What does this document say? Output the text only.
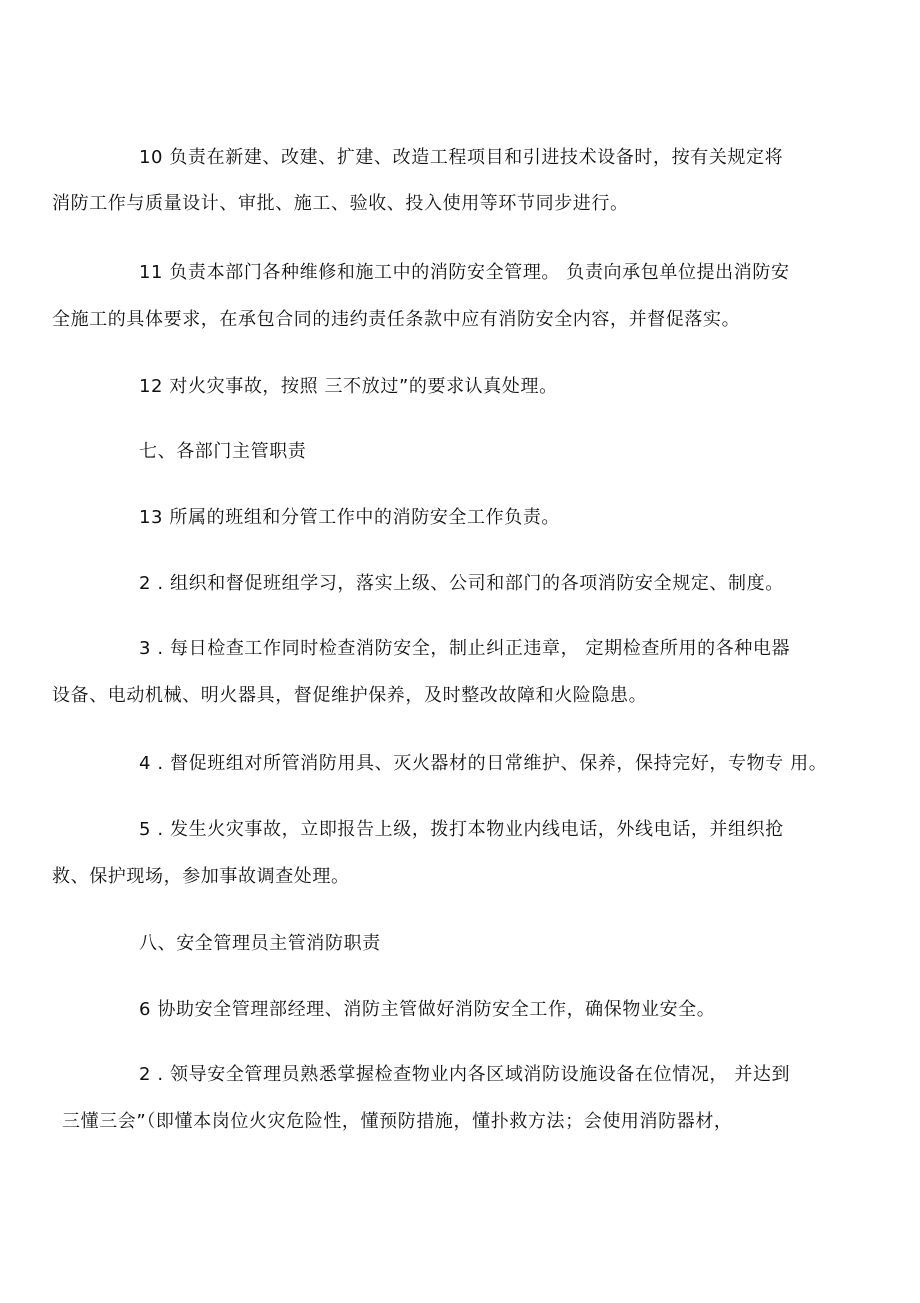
10 负责在新建、改建、扩建、改造工程项目和引进技术设备时，按有关规定将
消防工作与质量设计、审批、施工、验收、投入使用等环节同步进行。
11 负责本部门各种维修和施工中的消防安全管理。 负责向承包单位提出消防安
全施工的具体要求，在承包合同的违约责任条款中应有消防安全内容，并督促落实。
12 对火灾事故，按照 三不放过”的要求认真处理。
七、各部门主管职责
13 所属的班组和分管工作中的消防安全工作负责。
2 . 组织和督促班组学习，落实上级、公司和部门的各项消防安全规定、制度。
3 . 每日检查工作同时检查消防安全，制止纠正违章， 定期检查所用的各种电器
设备、电动机械、明火器具，督促维护保养，及时整改故障和火险隐患。
4 . 督促班组对所管消防用具、灭火器材的日常维护、保养，保持完好，专物专 用。
5 . 发生火灾事故，立即报告上级，拨打本物业内线电话，外线电话，并组织抢
救、保护现场，参加事故调查处理。
八、安全管理员主管消防职责
6 协助安全管理部经理、消防主管做好消防安全工作，确保物业安全。
2 . 领导安全管理员熟悉掌握检查物业内各区域消防设施设备在位情况， 并达到
三懂三会”（即懂本岗位火灾危险性，懂预防措施，懂扑救方法；会使用消防器材，
